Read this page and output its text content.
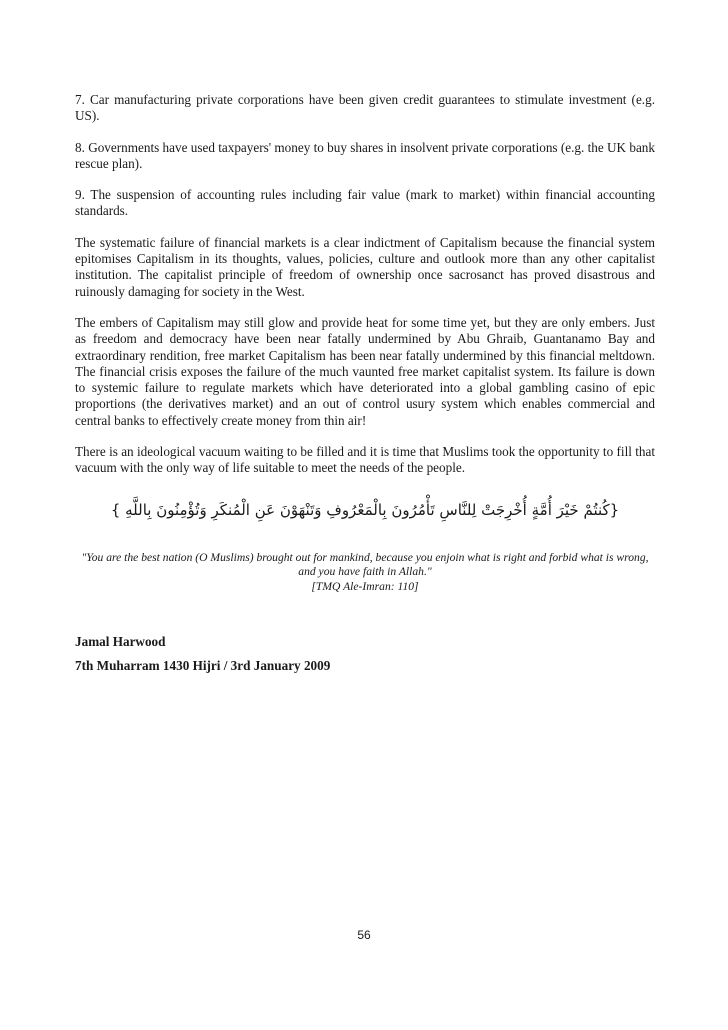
7. Car manufacturing private corporations have been given credit guarantees to stimulate investment (e.g. US).

8. Governments have used taxpayers' money to buy shares in insolvent private corporations (e.g. the UK bank rescue plan).

9. The suspension of accounting rules including fair value (mark to market) within financial accounting standards.

The systematic failure of financial markets is a clear indictment of Capitalism because the financial system epitomises Capitalism in its thoughts, values, policies, culture and outlook more than any other capitalist institution. The capitalist principle of freedom of ownership once sacrosanct has proved disastrous and ruinously damaging for society in the West.

The embers of Capitalism may still glow and provide heat for some time yet, but they are only embers. Just as freedom and democracy have been near fatally undermined by Abu Ghraib, Guantanamo Bay and extraordinary rendition, free market Capitalism has been near fatally undermined by this financial meltdown. The financial crisis exposes the failure of the much vaunted free market capitalist system. Its failure is down to systemic failure to regulate markets which have deteriorated into a global gambling casino of epic proportions (the derivatives market) and an out of control usury system which enables commercial and central banks to effectively create money from thin air!

There is an ideological vacuum waiting to be filled and it is time that Muslims took the opportunity to fill that vacuum with the only way of life suitable to meet the needs of the people.

{كُنتُمْ خَيْرَ أُمَّةٍ أُخْرِجَتْ لِلنَّاسِ تَأْمُرُونَ بِالْمَعْرُوفِ وَتَنْهَوْنَ عَنِ الْمُنكَرِ وَتُؤْمِنُونَ بِاللَّهِ }
"You are the best nation (O Muslims) brought out for mankind, because you enjoin what is right and forbid what is wrong, and you have faith in Allah."
[TMQ Ale-Imran: 110]
Jamal Harwood
7th Muharram 1430 Hijri / 3rd January 2009
56
